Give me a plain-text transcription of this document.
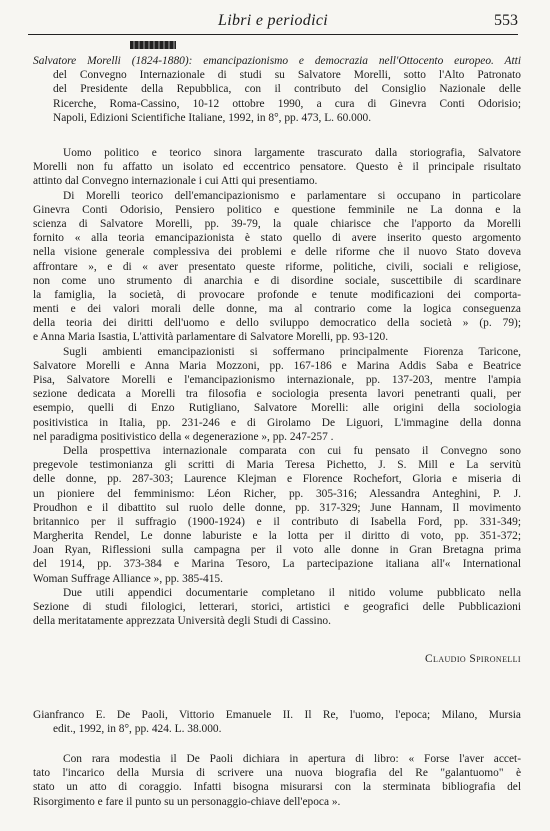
Libri e periodici	553
Salvatore Morelli (1824-1880): emancipazionismo e democrazia nell'Ottocento europeo. Atti
del Convegno Internazionale di studi su Salvatore Morelli, sotto l'Alto Patronato
del Presidente della Repubblica, con il contributo del Consiglio Nazionale delle
Ricerche, Roma-Cassino, 10-12 ottobre 1990, a cura di Ginevra Conti Odorisio;
Napoli, Edizioni Scientifiche Italiane, 1992, in 8°, pp. 473, L. 60.000.
Uomo politico e teorico sinora largamente trascurato dalla storiografia, Salvatore
Morelli non fu affatto un isolato ed eccentrico pensatore. Questo è il principale risultato
attinto dal Convegno internazionale i cui Atti qui presentiamo.
Di Morelli teorico dell'emancipazionismo e parlamentare si occupano in particolare
Ginevra Conti Odorisio, Pensiero politico e questione femminile ne La donna e la
scienza di Salvatore Morelli, pp. 39-79, la quale chiarisce che l'apporto da Morelli
fornito « alla teoria emancipazionista è stato quello di avere inserito questo argomento
nella visione generale complessiva dei problemi e delle riforme che il nuovo Stato doveva
affrontare », e di « aver presentato queste riforme, politiche, civili, sociali e religiose,
non come uno strumento di anarchia e di disordine sociale, suscettibile di scardinare
la famiglia, la società, di provocare profonde e tenute modificazioni dei comporta-
menti e dei valori morali delle donne, ma al contrario come la logica conseguenza
della teoria dei diritti dell'uomo e dello sviluppo democratico della società » (p. 79);
e Anna Maria Isastia, L'attività parlamentare di Salvatore Morelli, pp. 93-120.
Sugli ambienti emancipazionisti si soffermano principalmente Fiorenza Taricone,
Salvatore Morelli e Anna Maria Mozzoni, pp. 167-186 e Marina Addis Saba e Beatrice
Pisa, Salvatore Morelli e l'emancipazionismo internazionale, pp. 137-203, mentre l'ampia
sezione dedicata a Morelli tra filosofia e sociologia presenta lavori penetranti quali, per
esempio, quelli di Enzo Rutigliano, Salvatore Morelli: alle origini della sociologia
positivistica in Italia, pp. 231-246 e di Girolamo De Liguori, L'immagine della donna
nel paradigma positivistico della « degenerazione », pp. 247-257 .
Della prospettiva internazionale comparata con cui fu pensato il Convegno sono
pregevole testimonianza gli scritti di Maria Teresa Pichetto, J. S. Mill e La servitù
delle donne, pp. 287-303; Laurence Klejman e Florence Rochefort, Gloria e miseria di
un pioniere del femminismo: Léon Richer, pp. 305-316; Alessandra Anteghini, P. J.
Proudhon e il dibattito sul ruolo delle donne, pp. 317-329; June Hannam, Il movimento
britannico per il suffragio (1900-1924) e il contributo di Isabella Ford, pp. 331-349;
Margherita Rendel, Le donne laburiste e la lotta per il diritto di voto, pp. 351-372;
Joan Ryan, Riflessioni sulla campagna per il voto alle donne in Gran Bretagna prima
del 1914, pp. 373-384 e Marina Tesoro, La partecipazione italiana all'« International
Woman Suffrage Alliance », pp. 385-415.
Due utili appendici documentarie completano il nitido volume pubblicato nella
Sezione di studi filologici, letterari, storici, artistici e geografici delle Pubblicazioni
della meritatamente apprezzata Università degli Studi di Cassino.
Claudio Spironelli
Gianfranco E. De Paoli, Vittorio Emanuele II. Il Re, l'uomo, l'epoca; Milano, Mursia
edit., 1992, in 8°, pp. 424. L. 38.000.
Con rara modestia il De Paoli dichiara in apertura di libro: « Forse l'aver accet-
tato l'incarico della Mursia di scrivere una nuova biografia del Re "galantuomo" è
stato un atto di coraggio. Infatti bisogna misurarsi con la sterminata bibliografia del
Risorgimento e fare il punto su un personaggio-chiave dell'epoca ».
